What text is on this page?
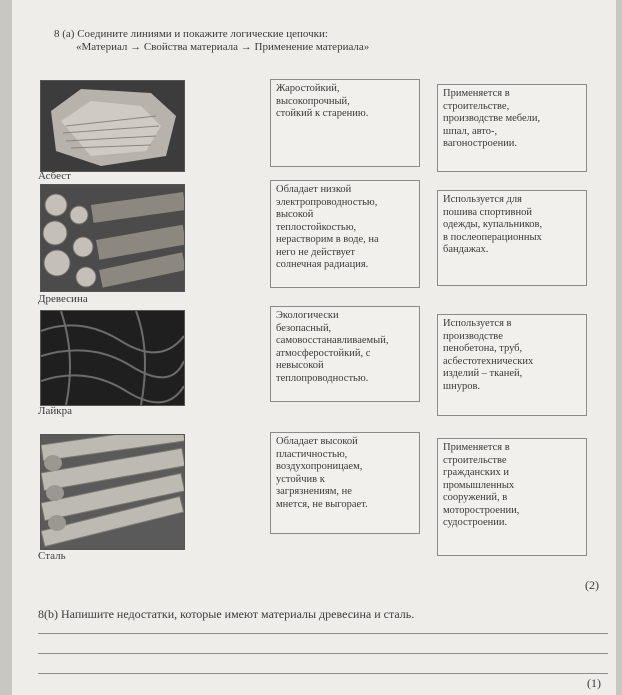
8 (a) Соедините линиями и покажите логические цепочки:
«Материал → Свойства материала → Применение материала»
Асбест
Жаростойкий,
высокопрочный,
стойкий к старению.
Применяется в
строительстве,
производстве мебели,
шпал, авто-,
вагоностроении.
Древесина
Обладает низкой
электропроводностью,
высокой
теплостойкостью,
нерастворим в воде, на
него не действует
солнечная радиация.
Используется для
пошива спортивной
одежды, купальников,
в послеоперационных
бандажах.
Лайкра
Экологически
безопасный,
самовосстанавливаемый,
атмосферостойкий, с
невысокой
теплопроводностью.
Используется в
производстве
пенобетона, труб,
асбестотехнических
изделий – тканей,
шнуров.
Сталь
Обладает высокой
пластичностью,
воздухопроницаем,
устойчив к
загрязнениям, не
мнется, не выгорает.
Применяется в
строительстве
гражданских и
промышленных
сооружений, в
моторостроении,
судостроении.
(2)
8(b) Напишите недостатки, которые имеют материалы древесина и сталь.
(1)
